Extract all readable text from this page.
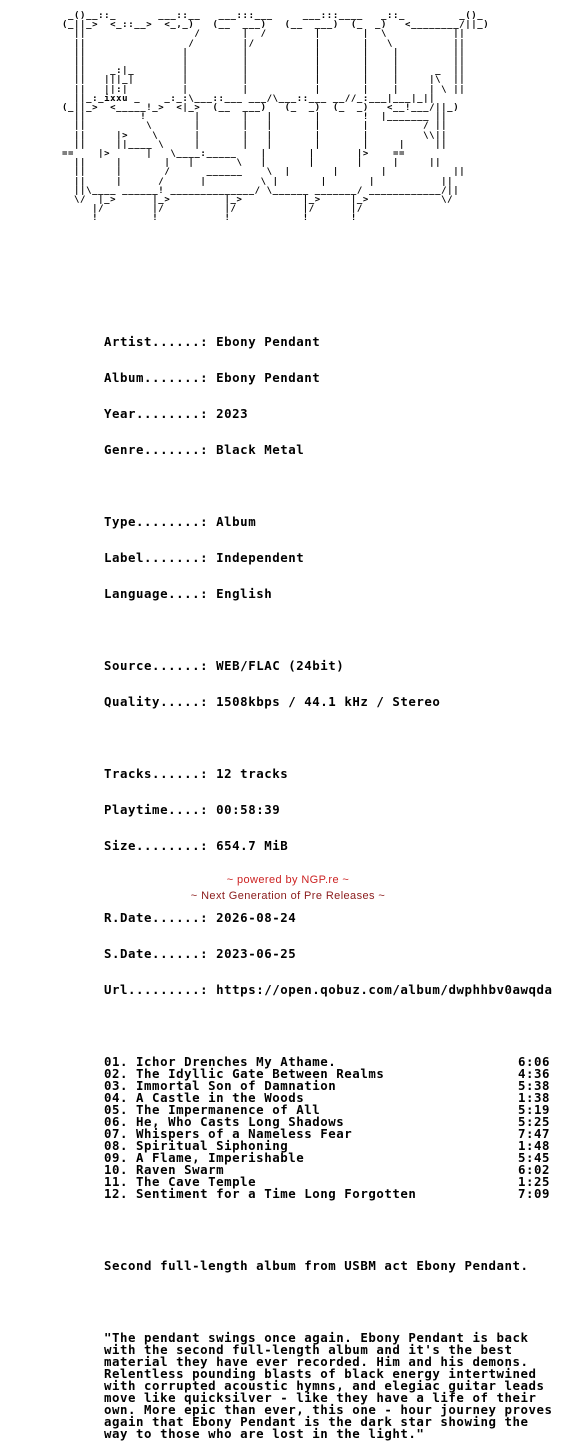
_()__::_       ___::__   ___:::___     ___:::____   _::_         _()_
(_||_>  <_::__>  <_,_)   (__  ___)   (__  ___)  (_  _)   <________/||_)
||                  /       |  /        |       |  \           ||
||                 /        |/          |       |   \          ||
||                |         |           |       |    |         ||
||                |         |           |       |    |         ||
||    _:|_        |         |           |       |    |      _  ||
||   |||_|        |         |           |       |    |     |\  ||
||   ||:|         |         |           |       |    |     | \ ||
||_:_ixxu _    _:_:\___::___ ___/\___::___ __//_:___|___|_||
(_||_>  <_____!_>  <|_>  (__  ___)   (_  _)  (_  _)   <__!___/||_)
||         !        |       |   |       |       !  |_______ ||
||          \       |       |   |       |       |         / ||
||     |>    \      |       |   |       |       |         \\||
||     ||____ \     |       |   |       |       |     |     ||
==    |>      |   \____:_____    |       |       |>    ==
||     |       |   |       \   |       |       |     |     ||
||     |       /      ______    \  |       |       |           ||
||     |      /      |         \ |       |       |           ||
||\____ ______! ______________/ \______ _______/ ____________/||
\/  |_>      |_>         |_>          |_>     |_>            \/
|/        |/          |/           |/      |/
!         !           !            !       !

Artist......: Ebony Pendant

Album.......: Ebony Pendant

Year........: 2023

Genre.......: Black Metal

Type........: Album

Label.......: Independent

Language....: English

Source......: WEB/FLAC (24bit)

Quality.....: 1508kbps / 44.1 kHz / Stereo

Tracks......: 12 tracks

Playtime....: 00:58:39

Size........: 654.7 MiB

R.Date......: 2026-08-24

S.Date......: 2023-06-25

Url.........: https://open.qobuz.com/album/dwphhbv0awqda

01. Ichor Drenches My Athame.	6:06
02. The Idyllic Gate Between Realms	4:36
03. Immortal Son of Damnation	5:38
04. A Castle in the Woods	1:38
05. The Impermanence of All	5:19
06. He, Who Casts Long Shadows	5:25
07. Whispers of a Nameless Fear	7:47
08. Spiritual Siphoning	1:48
09. A Flame, Imperishable	5:45
10. Raven Swarm	6:02
11. The Cave Temple	1:25
12. Sentiment for a Time Long Forgotten	7:09

Second full-length album from USBM act Ebony Pendant.

"The pendant swings once again. Ebony Pendant is back
with the second full-length album and it's the best
material they have ever recorded. Him and his demons.
Relentless pounding blasts of black energy intertwined
with corrupted acoustic hymns, and elegiac guitar leads
move like quicksilver - like they have a life of their
own. More epic than ever, this one - hour journey proves
again that Ebony Pendant is the dark star showing the
way to those who are lost in the light."

~ powered by NGP.re ~
~ Next Generation of Pre Releases ~
